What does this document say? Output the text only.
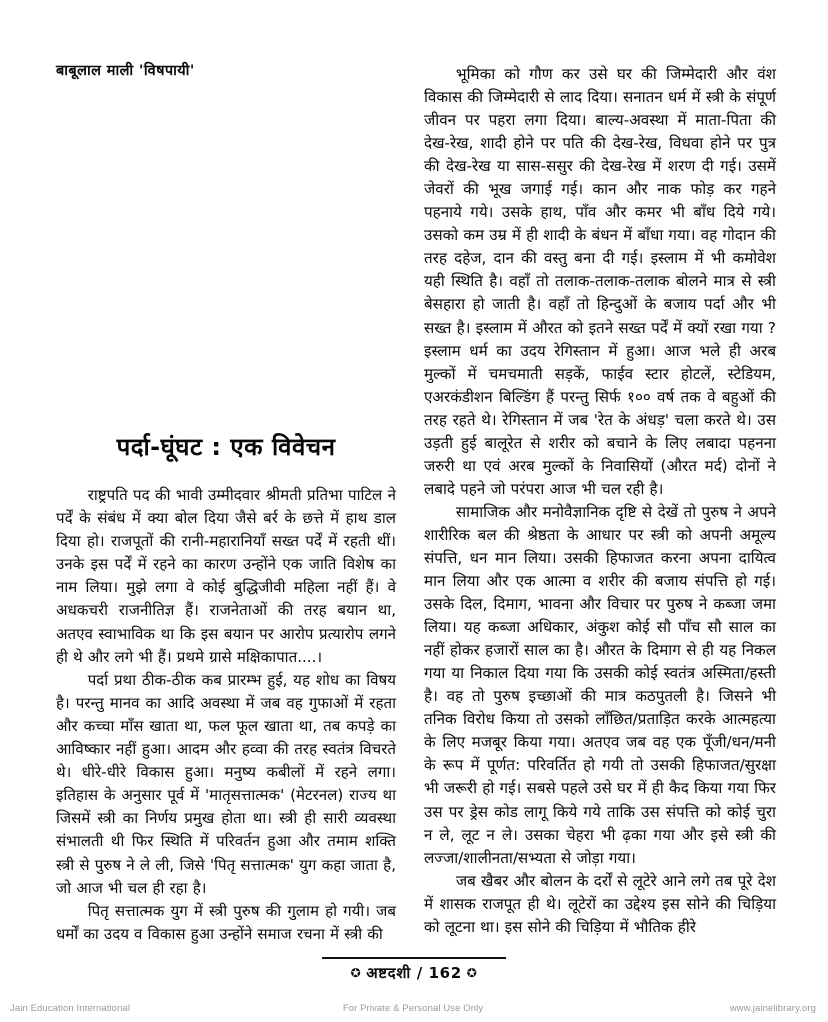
बाबूलाल माली 'विषपायी'
पर्दा-घूंघट : एक विवेचन

राष्ट्रपति पद की भावी उम्मीदवार श्रीमती प्रतिभा पाटिल ने पर्दें के संबंध में क्या बोल दिया जैसे बर्र के छत्ते में हाथ डाल दिया हो। राजपूतों की रानी-महारानियाँ सख्त पर्दें में रहती थीं। उनके इस पर्दें में रहने का कारण उन्होंने एक जाति विशेष का नाम लिया। मुझे लगा वे कोई बुद्धिजीवी महिला नहीं हैं। वे अधकचरी राजनीतिज्ञ हैं। राजनेताओं की तरह बयान था, अतएव स्वाभाविक था कि इस बयान पर आरोप प्रत्यारोप लगने ही थे और लगे भी हैं। प्रथमे ग्रासे मक्षिकापात....।

पर्दा प्रथा ठीक-ठीक कब प्रारम्भ हुई, यह शोध का विषय है। परन्तु मानव का आदि अवस्था में जब वह गुफाओं में रहता और कच्चा माँस खाता था, फल फूल खाता था, तब कपड़े का आविष्कार नहीं हुआ। आदम और हव्वा की तरह स्वतंत्र विचरते थे। धीरे-धीरे विकास हुआ। मनुष्य कबीलों में रहने लगा। इतिहास के अनुसार पूर्व में 'मातृसत्तात्मक' (मेटरनल) राज्य था जिसमें स्त्री का निर्णय प्रमुख होता था। स्त्री ही सारी व्यवस्था संभालती थी फिर स्थिति में परिवर्तन हुआ और तमाम शक्ति स्त्री से पुरुष ने ले ली, जिसे 'पितृ सत्तात्मक' युग कहा जाता है, जो आज भी चल ही रहा है।

पितृ सत्तात्मक युग में स्त्री पुरुष की गुलाम हो गयी। जब धर्मों का उदय व विकास हुआ उन्होंने समाज रचना में स्त्री की

भूमिका को गौण कर उसे घर की जिम्मेदारी और वंश विकास की जिम्मेदारी से लाद दिया। सनातन धर्म में स्त्री के संपूर्ण जीवन पर पहरा लगा दिया। बाल्य-अवस्था में माता-पिता की देख-रेख, शादी होने पर पति की देख-रेख, विधवा होने पर पुत्र की देख-रेख या सास-ससुर की देख-रेख में शरण दी गई। उसमें जेवरों की भूख जगाई गई। कान और नाक फोड़ कर गहने पहनाये गये। उसके हाथ, पाँव और कमर भी बाँध दिये गये। उसको कम उम्र में ही शादी के बंधन में बाँधा गया। वह गोदान की तरह दहेज, दान की वस्तु बना दी गई। इस्लाम में भी कमोवेश यही स्थिति है। वहाँ तो तलाक-तलाक-तलाक बोलने मात्र से स्त्री बेसहारा हो जाती है। वहाँ तो हिन्दुओं के बजाय पर्दा और भी सख्त है। इस्लाम में औरत को इतने सख्त पर्दें में क्यों रखा गया ? इस्लाम धर्म का उदय रेगिस्तान में हुआ। आज भले ही अरब मुल्कों में चमचमाती सड़कें, फाईव स्टार होटलें, स्टेडियम, एअरकंडीशन बिल्डिंग हैं परन्तु सिर्फ १०० वर्ष तक वे बहुओं की तरह रहते थे। रेगिस्तान में जब 'रेत के अंधड़' चला करते थे। उस उड़ती हुई बालूरेत से शरीर को बचाने के लिए लबादा पहनना जरुरी था एवं अरब मुल्कों के निवासियों (औरत मर्द) दोनों ने लबादे पहने जो परंपरा आज भी चल रही है।

सामाजिक और मनोवैज्ञानिक दृष्टि से देखें तो पुरुष ने अपने शारीरिक बल की श्रेष्ठता के आधार पर स्त्री को अपनी अमूल्य संपत्ति, धन मान लिया। उसकी हिफाजत करना अपना दायित्व मान लिया और एक आत्मा व शरीर की बजाय संपत्ति हो गई। उसके दिल, दिमाग, भावना और विचार पर पुरुष ने कब्जा जमा लिया। यह कब्जा अधिकार, अंकुश कोई सौ पाँच सौ साल का नहीं होकर हजारों साल का है। औरत के दिमाग से ही यह निकल गया या निकाल दिया गया कि उसकी कोई स्वतंत्र अस्मिता/हस्ती है। वह तो पुरुष इच्छाओं की मात्र कठपुतली है। जिसने भी तनिक विरोध किया तो उसको लाँछित/प्रताड़ित करके आत्महत्या के लिए मजबूर किया गया। अतएव जब वह एक पूँजी/धन/मनी के रूप में पूर्णत: परिवर्तित हो गयी तो उसकी हिफाजत/सुरक्षा भी जरूरी हो गई। सबसे पहले उसे घर में ही कैद किया गया फिर उस पर ड्रेस कोड लागू किये गये ताकि उस संपत्ति को कोई चुरा न ले, लूट न ले। उसका चेहरा भी ढ़का गया और इसे स्त्री की लज्जा/शालीनता/सभ्यता से जोड़ा गया।

जब खैबर और बोलन के दर्रों से लूटेरे आने लगे तब पूरे देश में शासक राजपूत ही थे। लूटेरों का उद्देश्य इस सोने की चिड़िया को लूटना था। इस सोने की चिड़िया में भौतिक हीरे

✪ अष्टदशी / 162 ✪
Jain Education International	For Private & Personal Use Only	www.jainelibrary.org
